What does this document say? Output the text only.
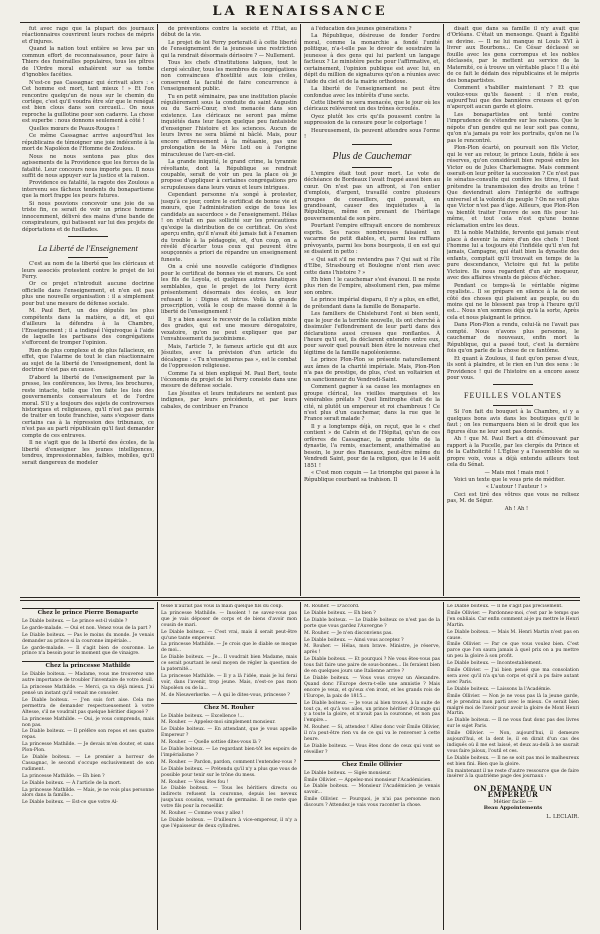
LA RENAISSANCE

fut avec rage que la plupart des journaux réactionnaires couvrirent leurs roches de mépris et d'injures.

Quand la nation tout entière se leva par un commun effort de reconnaissance, pour faire à Thiers des funérailles populaires, tous les pîtres de l'Ordre moral exhalèrent sur sa tombe d'ignobles facéties.

N'est-ce pas Cassagnac qui écrivait alors : « Cet homme est mort, tant mieux ! » Et l'on rencontre quelqu'un de nous sur le chemin du cortège, c'est qu'il voudra être sûr que le renégat est bien clous dans son cercueil... On nous reproche la guillotine pour son cadavre. La chose est superbe : nous donnons seulement à côté !

Quelles mœurs de Peaux-Rouges !

Ce même Cassagnac arrive aujourd'hui les républicains de témoigner une joie indécente à la mort de Napoléon de l'Homme de Zoulous.

Nous ne nous sentons pas plus des agissements de la Providence que les forces de la fatalité. Leur concours nous importe peu. Il nous suffit de nous appuyer sur la justice et la raison.

Providence ou fatalité, la ragote des Zoulous a intervenu ses fâcheux tendents du bonapartisme que la mort frappe les peurs futures.

Si nous pouvions concevoir une joie de sa triste fin, ce serait de voir un prince homme innocemment, délivré des mains d'une bande de conspirateurs, qui batissent sur lui des projets de déportations et de fusillades.

La Liberté de l'Enseignement

C'est au nom de la liberté que les cléricaux et leurs associés protestent contre le projet de loi Ferry.

Or ce projet n'introduit aucune doctrine officielle dans l'enseignement, et n'en est pas plus une nouvelle organisation : il a simplement pour but une mesure de défense sociale.

M. Paul Bert, un des députés les plus compétents dans la matière, a dit, et qui d'ailleurs la défendra à la Chambre, l'Enseignement ; il a indiqué l'équivoque à l'aide de laquelle les partisans des congrégations s'efforcent de tromper l'opinion.

Rien de plus complexe et de plus fallacieux, en effet, que l'alarme de tout le clan réactionnaire au sujet de la liberté de l'enseignement, dont la doctrine n'est pas en cause.

D'abord la liberté de l'enseignement par la presse, les conférences, les livres, les brochures, reste intacte, telle que l'on faite les lois des gouvernements conservateurs et de l'ordre moral. S'il y a toujours des sujets de controverses historiques et religieuses, qu'il n'est pas permis de traiter en toute franchise, sans s'exposer dans certains cas à la répression des tribunaux, ce n'est pas au parti républicain qu'il faut demander compte de ces entraves.

Il ne s'agit que de la liberté des écoles, de la liberté d'enseigner les jeunes intelligences, tendres, impressionnables, faibles, mobiles, qu'il serait dangereux de modeler

de préventions contre la société et l'État, au début de la vie.

Le projet de loi Ferry porterait-il à cette liberté de l'enseignement de la jeunesse une restriction qui la rendrait désormais dérisoire ? — Nullement.

Tous les chefs d'institutions laïques, tout le clergé séculier, tous les membres de congrégations non convaincues d'hostilité aux lois civiles, conservent la faculté de faire concurrence à l'enseignement public.

Tu en petit séminaire, pas une institution placée régulièrement sous la conduite du saint Augustin ou du Sacré-Cœur, n'est menacée dans son existence. Les cléricaux ne seront pas même inquiétés dans leur façon quelque peu fantaisiste d'enseigner l'histoire et les sciences. Aucun de leurs livres ne sera blâmé ni bâclé. Mais, pour encore affreusement à la métaanie, pas une prolongation de la Mère Loti ou à l'origine miraculeuse de l'arc-en-ciel.

La grande iniquité, le grand crime, la tyrannie révoltante, dont la République se rendrait coupable, serait de voir un peu la place où je propose d'appliquer à certaines congrégations pro scrupuleuses dans leurs vœux et leurs intrigues.

Cependant personne n'a songé à protester, jusqu'à ce jour, contre le certificat de bonne vie et mœurs, que l'administration exige de tous les candidats au sacerdoce » de l'enseignement. Hélas ! on n'était en pas sollicité sur les précautions qu'exige la distribution de ce certificat. On s'est aperçu enfin, qu'il n'avait été jamais fait à l'examen du trouble à la pédagogie, et, d'un coup, on a révélé d'écarter tous ceux qui peuvent être soupçonnés a priori de répandre un enseignement funeste.

On a créé une nouvelle catégorie d'indignes pour le certificat de bonnes vie et mœurs. Ce sont les fils de Loyola, et quelques autres fanatiques semblables, que le projet de loi Ferry écrit présentement désormais des écoles, en leur refusant le : Dignes et intrus. Voilà la grande proscription, voilà le coup de masse donné à la liberté de l'enseignement !

Il y a bien assez le recevoir de la collation mixte des grades, qui est une mesure dérogatoire, vexatoire, qu'on ne peut expliquer que par l'envahissement du jacobinisme.

Mais, l'article 7, le fameux article qui dit aux Jésuites, avec la prévision d'un article du décalogue : « Tu n'enseigneras pas », est le combat de l'oppression religieuse.

Comme l'a si bien expliqué M. Paul Bert, toute l'économie du projet de loi Ferry consiste dans une mesure de défense sociale.

Les Jésuites et leurs imitateurs ne sentent pas indignes, par leurs précédents, et par leurs cabales, de contribuer en France

à l'éducation des jeunes générations ?

La République, désireuse de fonder l'ordre moral, comme la monarchie a fondé l'unité politique, n'a-t-elle pas le devoir de soustraire la jeunesse à des gens qui lui parlent un langage factieux ? Le ministère peche pour l'affirmative, et, certainement, l'opinion publique est avec lui, en dépit du million de signatures qu'on a réunies avec l'aide du ciel et de la mairie orthodoxe.

La liberté de l'enseignement ne peut être confondue avec les intérêts d'une secte.

Cette liberté ne sera menacée, que le jour où les cléricaux reléveront un des trônes écroulés.

Oyez plutôt les cris qu'ils poussent contre la suppression de la censure pour le colportage !

Heureusement, ils peuvent attendre sous l'orme !

Plus de Cauchemar

L'empire était tout pour mort. Le vote de déchéance de Bordeaux l'avait frappé aussi bien au cœur. On n'est pas un affront, si l'on entier d'emplois, d'argent, travaillé contre plusieurs groupes de conseillers, qui pouvait, en grandissant, causer des inquiétudes à la République, même en prenant de l'héritage gouvernemental de son père.

Pourtant l'empire effrayait encore de nombreux esprits. Ses races nombreuses faisaient un vacarme de petit diables, et, parmi les ruffians prévoyants, parmi les bons bourgeois, il en est qui se disaient in petto :

« Qui sait s'il ne reviendra pas ? Qui sait si l'île d'Elbe, Strasbourg et Boulogne n'ont rien avec cette dans l'histoire ? »

Eh bien ! le cauchemar s'est évanoui. Il ne reste plus rien de l'empire, absolument rien, pas même son ombre.

Le prince impérial disparu, il n'y a plus, en effet, de prétendant dans la famille de Bonaparte.

Les familiers de Chislehurst l'ont si bien senti, que le jour de la terrible nouvelle, ils ont cherché à dissimuler l'effondrement de leur parti dans des déclarations aussi creuses que ronflantes. À l'heure qu'il est, ils déclarent entendre entre eux, pour savoir quel pouvait bien être le nouveau chef légitime de la famille napoléonienne.

Le prince Plon-Plon se présente naturellement aux âmes de la charité impériale. Mais, Plon-Plon n'a pas de prestige, de plus, c'est un voltairien et un sanctionneur du Vendredi-Saint.

Comment gagner à sa cause les montagnes en groupe clérical, les vieilles marquises et les vénérables prélats ? Quel limitrophe était de la cité, ni plutôt un empereur et roi chambreux ! Ce n'est plus d'un cauchemar, dans la rue que le France serait malade ?

Il y a longtemps déjà, on reçut, que le « chef contient » de Calvin et de l'Hépital, qu'un de ces orfèvres de Cassagnac, la grande tête de la dynastie, l'a remis, exactement, anathématisé au besoin, le jour des Rameaux, peut-être même du Vendredi Saint, pour de la religion, que le 14 août 1851 !

« C'est mon coquin — Le triomphe qui passe à la République courbant sa trahison. Il

disait que dans sa famille il n'y avait que d'Orléans. C'était un mensonge. Quant à Égalité se devine. — Il ne lui manque ni Louis XVI à livrer aux Bourbons... Ce César déclassé se fouille avec les gens corrompus et les nobles déclassés, par le mettent au service de la Maternité, ce à trouve un véritable place ! Il a été de ce fait le dédain des républicains et le mépris des bonapartistes.

Comment s'habiller maintenant ? Et que voulez-vous qu'ils fassent : il n'en reste, aujourd'hui que des bannières creuses et qu'on n'aperçoit aucun garde et gloire.

Les bonapartistes ont tenté contre l'imprudence de s'étendre sur les raisons. Que le népote d'un gendre qui ne leur soit pas connu, qu'on n'a jamais pu voir les portraits, qu'on ne l'a pas le rencontré.

Plon-Plon écarté, on poursuit son fils Victor, qui le ver au retour, le prince Louis, fidèle à ses réserves, qu'on considérait bien reposé entre les Victor ou de Jules Charlemagne. Mais comment oserait-on leur prêter la succession ? Ce n'est pas le sénatus-consulte qui confère les titres, il faut prétendre la transmission des droits au trône ! Que deviendrait alors l'intégrité de suffrage universel et la volonté du peuple ? On ne voit plus que Victor n'est pas d'âge. Ailleurs, que Plon-Plon va bientôt traiter l'œuvre de son fils pour lui-même, et tout cela n'est qu'une bonne réclamation entre les deux.

Et la noble Mathilde, fervente qui jamais n'eut place à devenir la mère d'un des chefs ! Dont l'homme lui a toujours été l'infidèle qu'il n'en fut jamais, Campagne, qui était bien la dynastie des enfants, comptait qu'il trouvait en temps de la pure descendance, Victoire qui fut la petite Victoire. Ils nous regardent d'un air moqueur, avec des affaires vivants de pièces d'échec.

Pendant ce temps-là le véritable régime royaliste... Il se prépare en silence à la de son côté des choses qui plaisent au peuple, ou du moins qui ne le blessent pas trop à l'heure qu'il est... Nous n'en sommes déjà qu'à la sorte, Après cela et nous plaignant le prince.

Dans Plon-Plon a rendu, celui-là ne l'avait pas compté. Nous n'avons plus personne, le cauchemar de nouveaux, enfin mort la République, qui a passé tout, c'est la dernière fois qu'on parle de la chose de ce fantôme.

Et quant à Zoulous, il faut qu'on pense d'eux, ils sont à plaindre, et le rien en l'un des sens : le Providence ! qui de l'histoire en a encore assez pour vous.

FEUILLES VOLANTES

Si l'on fait du bouquet à la Chambre, si y a quelques bons avis dans les boutiques qu'il le faut ; on les remarquera bien si le droit que les figures élus ne leur sont pas donnés.

Ah ! que M. Paul Bert a dit d'émouvant par rapport à la Pucelle, par les clergés du Prince et de la Catholicité ! L'Église y a l'assemblée de sa propre voix, vous a déjà entendu ailleurs tout cela du Sénat.

— Mais moi ! mais moi !

Voici un texte que le vous prie de méditer.

« L'autour ! l'auteur ! »

Ceci est tiré des vôtres que vous ne relisez pas, M. de Ségur.

Ah ! Ah !

Chez le prince Pierre Bonaparte

Le Diable boiteux. — Le prince est-il visible ?

Le garde-malade. — Oui et non. Venez vous de la part ?

Le Diable boiteux. — Pas le moins du monde. Je venais demander au prince si la couronne impériale...

Le garde-malade. — Il s'agit bien de couronne. Le prince n'a besoin pour le moment que de vinaigre.

Chez la princesse Mathilde

Le Diable boiteux. — Madame, vous me trouverez une autre importance de troubler l'inventaire de votre deuil.

La princesse Mathilde. — Merci, ça va déjà mieux. J'ai pensé un instant qu'il venait me consoler.

Le Diable boiteux. — J'en suis fort aise. Cela me permettra de demander respectueusement à votre Altesse, s'il ne voudrait pas quelque héritier disposé ?

La princesse Mathilde. — Oui, je vous comprends, mais non pas.

Le Diable boiteux. — Il préfère son repos et ses quatre repas.

La princesse Mathilde. — Je devais m'en douter, et sans Plon-Plon.

Le Diable boiteux. — Le premier a horreur de Cassagnac, le second s'occupe exclusivement de son rudiment.

La princesse Mathilde. — Eh bien ?

Le Diable boiteux. — À l'article de la mort.

La princesse Mathilde. — Mais, je ne vois plus personne alors dans la famille...

Le Diable boiteux. — Est-ce que votre Al-

tesse n'aurait pas vous la main quelque fils du coup.

La princesse Mathilde. — Insolent ! ne savez-vous pas que je vais déposer de corps et de biens d'avoir mon cousin de mari.

Le Diable boiteux. — C'est vrai, mais il serait peut-être qu'une tante empereur.

La princesse Mathilde. — Je crois que le diable se moque de moi...

Le Diable boiteux. — Je... Il voudrait bien Madame, mais ce serait pourtant le seul moyen de régler la question de la paternité...

La princesse Mathilde. — Il y a là l'idée, mais je lui ferai voir, dans l'avenir, trop jeune. Mais, n'est-ce pas mon Napoléon ou de la...

M. de Nieuwerkerke. — À qui le dites-vous, princesse ?

Chez M. Rouher

Le Diable boiteux. — Excellence !...

M. Rouher. — Appelez-moi simplement monsieur.

Le Diable boiteux. — En attendant, que je vous appelle Empereur ?

M. Rouher. — Quelle sottise dites-vous là ?

Le Diable boiteux. — Le regardant bien-tôt les espoirs de l'impérialisme ?

M. Rouher. — Pardon, pardon, comment l'entendez-vous ?

Le Diable boiteux. — Prétendu qu'il n'y a plus que vous de possible pour tenir sur le trône du mess.

M. Rouher. — Vous êtes fou !

Le Diable boiteux. — Tous les héritiers directs ou indirects refusent la couronne, depuis les neveux jusqu'aux cousins, versant de germains. Il ne reste que votre fils pour la recueillir.

M. Rouher. — Comme vous y allez !

Le Diable boiteux. — D'ailleurs à vice-empereur, il n'y a que l'épaisseur de deux cylindres.

M. Rouher. — D'accord.

Le Diable boiteux. — Eh bien ?

Le Diable boiteux. — Le Diable boiteux ce n'est pas de la porte que vous gardez l'Auvergne ?

M. Rouher. — Je n'en disconviens pas.

Le Diable boiteux. — Ainsi vous acceptez ?

M. Rouher. — Hélas, mon brave. Ministre, je réserve, après !

Le Diable boiteux. — Et pourquoi ? Ne vous êtes-vous pas tous fait faire une paire de sous-bonnes... Ils feraient bien de en quelques jours une Italienne arrive ?

Le Diable boiteux. — Vous vous croyez un Alexandre. Quand donc l'Europe devra-t-elle une amnistie ? Mais encore je veux, et qu'eux s'en iront, et les grands rois de l'Europe, la paix de 1815...

Le Diable boiteux. — Je vous ai bien trouvé, à la suite de tout ça, et qu'à vos ailes, un prince héritier d'Orange qui y a toute la gloire, et n'avait pas la couronne, et non pas l'empire...

M. Rouher. — Si, attendez ! Allez donc voir Émile Ollivier, il n'a peut-être rien vu de ce qui va le renverser à cette heure.

Le Diable boiteux. — Vous êtes donc de ceux qui vont se réveiller ?

Chez Émile Ollivier

Le Diable boiteux. — Sigée monsieur.

Émile Ollivier. — Appelez-moi monsieur l'Académicien.

Le Diable boiteux. — Monsieur l'Académicien je venais savoir...

Émile Ollivier. — Pourquoi, je n'ai pas personne mon discours ? Attendez je vais vous raconter la chose.

Le Diable boiteux. — Il ne s'agit pas précisément.

Émile Ollivier. — Pardonnez-moi, c'est par le temps que j'en oubliais. Car enfin comment ai-je pu mettre le Henri Martin.

Le Diable boiteux. — Mais M. Henri Martin n'est pas en cause.

Émile Ollivier. — Par ce que vous voulez bien. C'est parce que l'on saura jamais à quel prix on a pu mettre un peu la gloire à son profit.

Le Diable boiteux. — Incontestablement.

Émile Ollivier. — J'ai bien pensé que ma consolation sera avec qu'il n'a qu'un corps et qu'il a pu faire autant avec Paris.

Le Diable boiteux. — Laissons la l'Académie.

Émile Ollivier. — Non je ne vous pas là la jeune garde, et je prendrai mon parti avec le mieux. Ce serait bien malgré moi de l'avoir pour avoir la gloire de Mont Henri Martin.

Le Diable boiteux. — Il ne vous faut donc pas des livres sur le sujet Paris.

Émile Ollivier. — Non, aujourd'hui, il demeure aujourd'hui, et la dent le, il en dirait d'un cas des indiqués où il me est laissé, et deux au-delà à ne saurait vous faire jaloux, l'outil et ces.

Le Diable boiteux. — Il ne se soit pas moi le malheureux est bien fini. Bien que la gloire.

En maintenant il ne reste d'autre ressource que de faire insérer à la quatrième page des journaux :

ON DEMANDE UN EMPEREUR
Métier facile —
Beau Appointements
L. LECLAIR.
